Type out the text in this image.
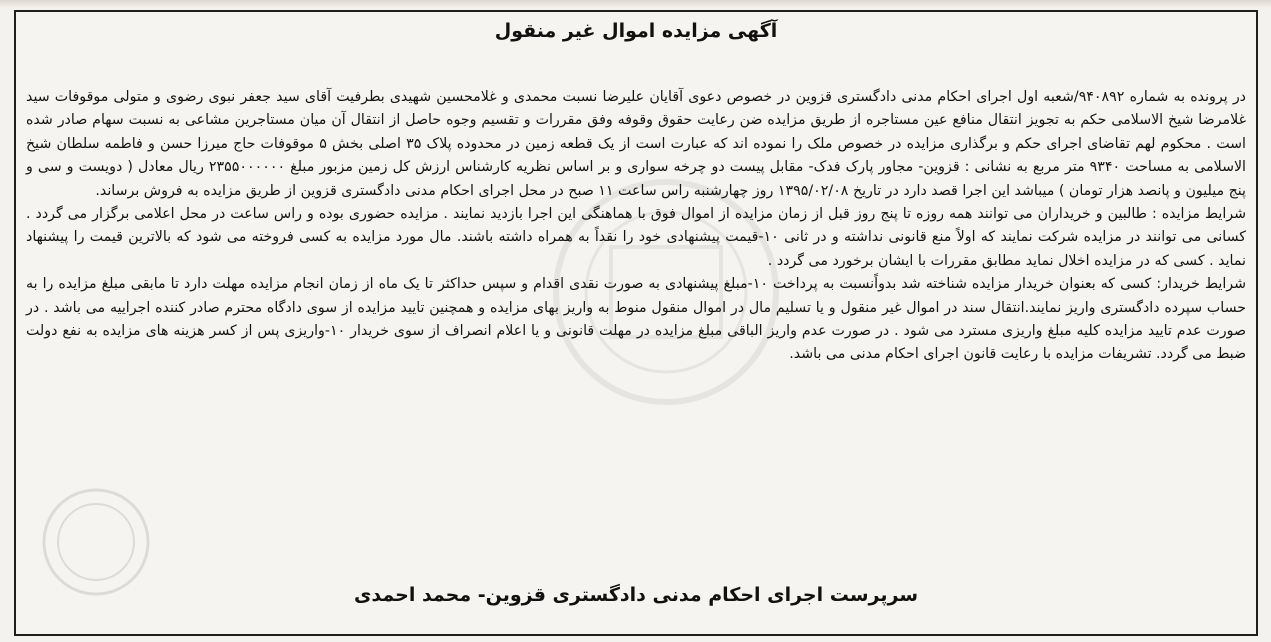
آگهی مزایده اموال غیر منقول

در پرونده به شماره ۹۴۰۸۹۲/شعبه اول اجرای احکام مدنی دادگستری قزوین در خصوص دعوی آقایان علیرضا نسبت محمدی و غلامحسین شهیدی بطرفیت آقای سید جعفر نبوی رضوی و متولی موقوفات سید غلامرضا شیخ الاسلامی حکم به تجویز انتقال منافع عین مستاجره از طریق مزایده ضن رعایت حقوق وقوفه وفق مقررات و تقسیم وجوه حاصل از انتقال آن میان مستاجرین مشاعی به نسبت سهام صادر شده است . محکوم لهم تقاضای اجرای حکم و برگذاری مزایده در خصوص ملک را نموده اند که عبارت است از یک قطعه زمین در محدوده پلاک ۳۵ اصلی بخش ۵ موقوفات حاج میرزا حسن و فاطمه سلطان شیخ الاسلامی به مساحت ۹۳۴۰ متر مربع به نشانی : قزوین- مجاور پارک فدک- مقابل پیست دو چرخه سواری و بر اساس نظریه کارشناس ارزش کل زمین مزبور مبلغ ۲۳۵۵۰۰۰۰۰۰ ریال معادل ( دویست و سی و پنج میلیون و پانصد هزار تومان ) میباشد این اجرا قصد دارد در تاریخ ۱۳۹۵/۰۲/۰۸ روز چهارشنبه راس ساعت ۱۱ صبح در محل اجرای احکام مدنی دادگستری قزوین از طریق مزایده به فروش برساند.

شرایط مزایده : طالبین و خریداران می توانند همه روزه تا پنج روز قبل از زمان مزایده از اموال فوق با هماهنگی این اجرا بازدید نمایند . مزایده حضوری بوده و راس ساعت در محل اعلامی برگزار می گردد . کسانی می توانند در مزایده شرکت نمایند که اولاً منع قانونی نداشته و در ثانی ۱۰-قیمت پیشنهادی خود را نقداً به همراه داشته باشند. مال مورد مزایده به کسی فروخته می شود که بالاترین قیمت را پیشنهاد نماید . کسی که در مزایده اخلال نماید مطابق مقررات با ایشان برخورد می گردد .

شرایط خریدار: کسی که بعنوان خریدار مزایده شناخته شد بدواًنسبت به پرداخت ۱۰-مبلغ پیشنهادی به صورت نقدی اقدام و سپس حداکثر تا یک ماه از زمان انجام مزایده مهلت دارد تا مابقی مبلغ مزایده را به حساب سپرده دادگستری واریز نمایند.انتقال سند در اموال غیر منقول و یا تسلیم مال در اموال منقول منوط به واریز بهای مزایده و همچنین تایید مزایده از سوی دادگاه محترم صادر کننده اجراییه می باشد . در صورت عدم تایید مزایده کلیه مبلغ واریزی مسترد می شود . در صورت عدم واریز الباقی مبلغ مزایده در مهلت قانونی و یا اعلام انصراف از سوی خریدار ۱۰-واریزی پس از کسر هزینه های مزایده به نفع دولت ضبط می گردد. تشریفات مزایده با رعایت قانون اجرای احکام مدنی می باشد.

سرپرست اجرای احکام مدنی دادگستری قزوین- محمد احمدی
